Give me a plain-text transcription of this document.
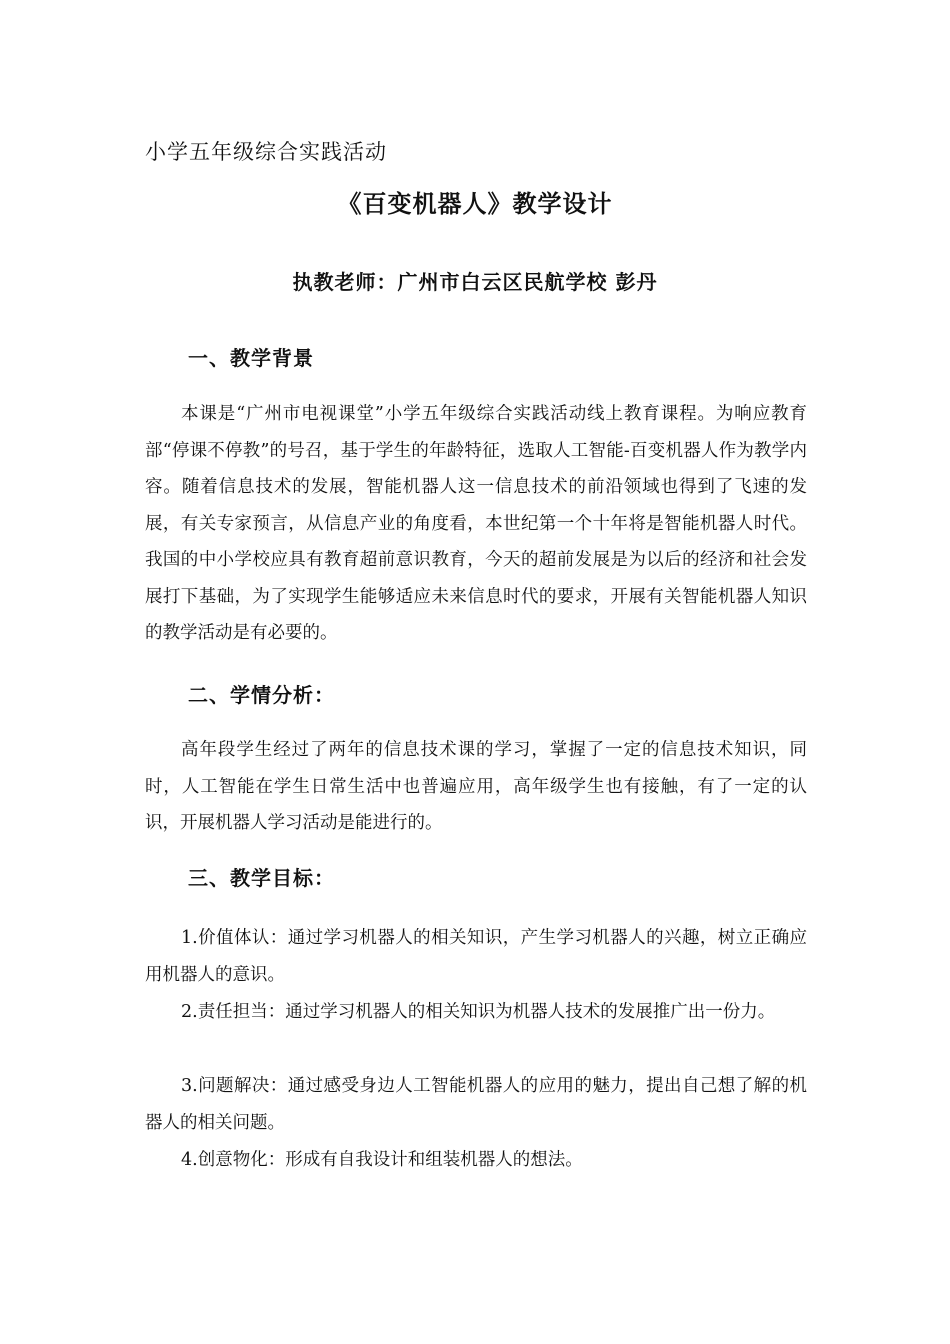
小学五年级综合实践活动
《百变机器人》教学设计
执教老师：广州市白云区民航学校 彭丹
一、教学背景

本课是“广州市电视课堂”小学五年级综合实践活动线上教育课程。为响应教育部“停课不停教”的号召，基于学生的年龄特征，选取人工智能-百变机器人作为教学内容。随着信息技术的发展，智能机器人这一信息技术的前沿领域也得到了飞速的发展，有关专家预言，从信息产业的角度看，本世纪第一个十年将是智能机器人时代。我国的中小学校应具有教育超前意识教育，今天的超前发展是为以后的经济和社会发展打下基础，为了实现学生能够适应未来信息时代的要求，开展有关智能机器人知识的教学活动是有必要的。

二、学情分析：

高年段学生经过了两年的信息技术课的学习，掌握了一定的信息技术知识，同时，人工智能在学生日常生活中也普遍应用，高年级学生也有接触，有了一定的认识，开展机器人学习活动是能进行的。

三、教学目标：

1.价值体认：通过学习机器人的相关知识，产生学习机器人的兴趣，树立正确应用机器人的意识。

2.责任担当：通过学习机器人的相关知识为机器人技术的发展推广出一份力。

3.问题解决：通过感受身边人工智能机器人的应用的魅力，提出自己想了解的机器人的相关问题。

4.创意物化：形成有自我设计和组装机器人的想法。
